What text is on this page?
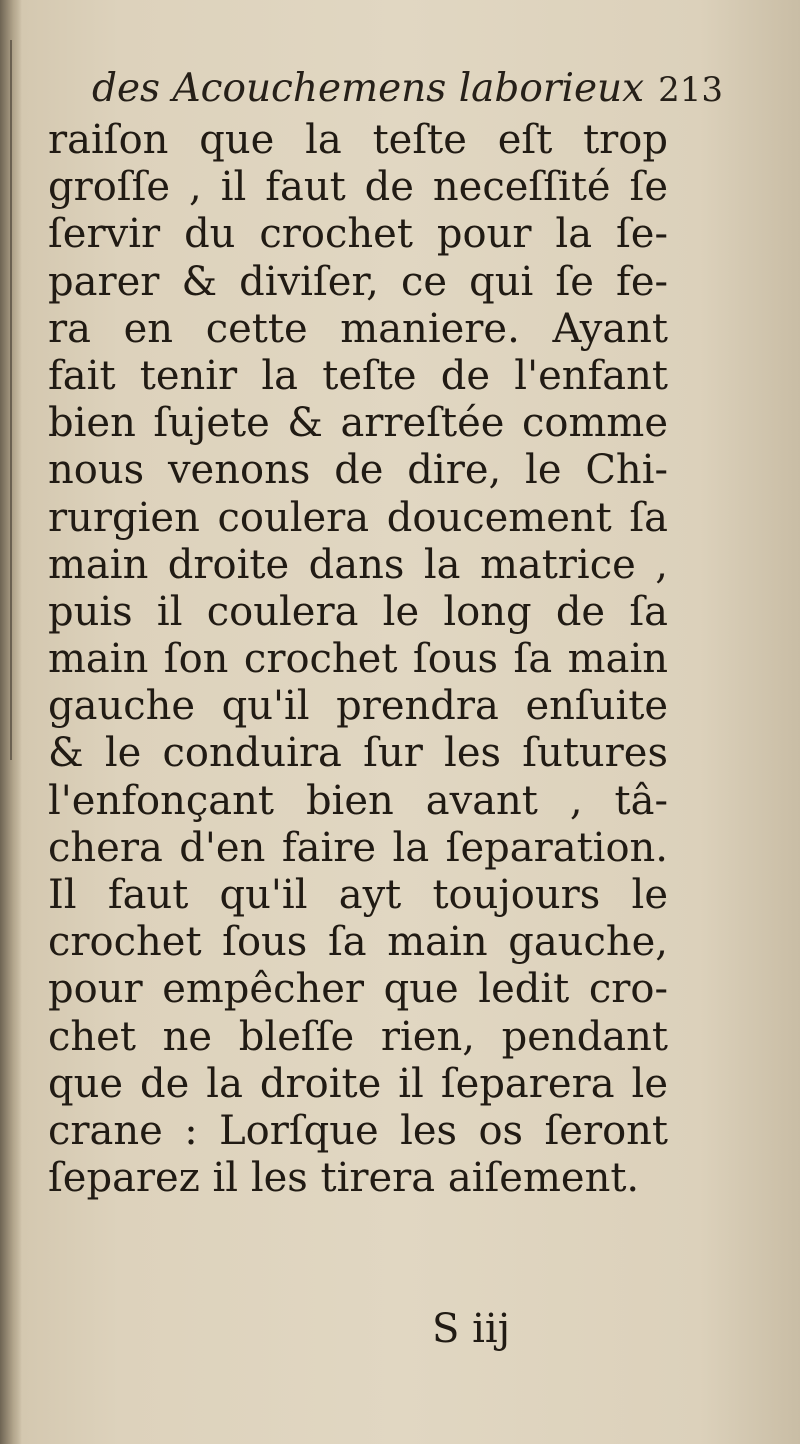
des Acouchemens laborieux 213
raiſon que la teſte eſt trop
groſſe , il faut de neceſſité ſe
ſervir du crochet pour la ſe-
parer & diviſer, ce qui ſe fe-
ra en cette maniere. Ayant
fait tenir la teſte de l'enfant
bien ſujete & arreſtée comme
nous venons de dire, le Chi-
rurgien coulera doucement ſa
main droite dans la matrice ,
puis il coulera le long de ſa
main ſon crochet ſous ſa main
gauche qu'il prendra enſuite
& le conduira ſur les ſutures
l'enfonçant bien avant , tâ-
chera d'en faire la ſeparation.
Il faut qu'il ayt toujours le
crochet ſous ſa main gauche,
pour empêcher que ledit cro-
chet ne bleſſe rien, pendant
que de la droite il ſeparera le
crane : Lorſque les os ſeront
ſeparez il les tirera aiſement.
S iij
